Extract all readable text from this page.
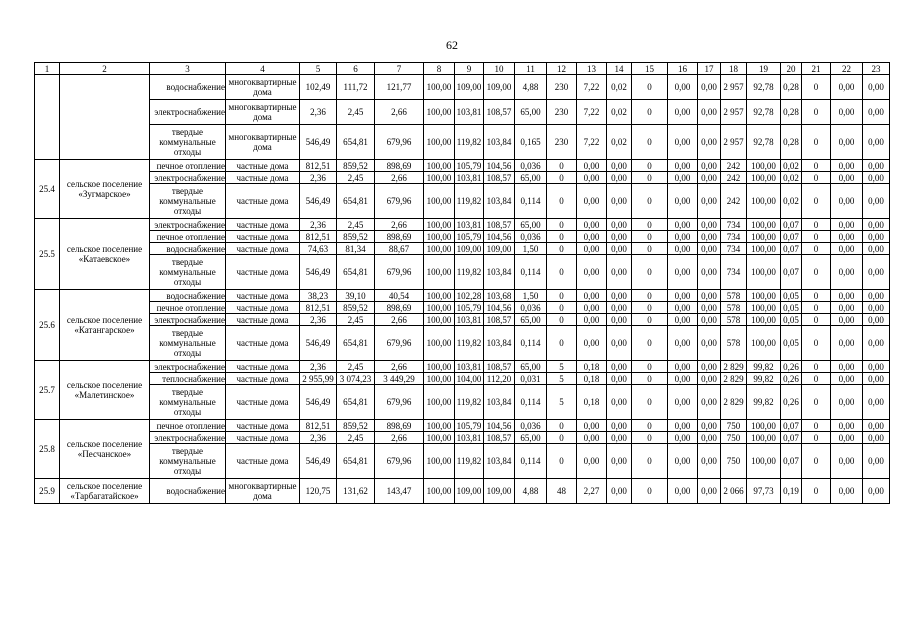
62
1	2	3	4	5	6	7	8	9	10	11	12	13	14	15	16	17	18	19	20	21	22	23
		водоснабжение	многоквартирные дома	102,49	111,72	121,77	100,00	109,00	109,00	4,88	230	7,22	0,02	0	0,00	0,00	2 957	92,78	0,28	0	0,00	0,00
		электроснабжение	многоквартирные дома	2,36	2,45	2,66	100,00	103,81	108,57	65,00	230	7,22	0,02	0	0,00	0,00	2 957	92,78	0,28	0	0,00	0,00
		твердые коммунальные отходы	многоквартирные дома	546,49	654,81	679,96	100,00	119,82	103,84	0,165	230	7,22	0,02	0	0,00	0,00	2 957	92,78	0,28	0	0,00	0,00
25.4	сельское поселение «Зугмарское»	печное отопление	частные дома	812,51	859,52	898,69	100,00	105,79	104,56	0,036	0	0,00	0,00	0	0,00	0,00	242	100,00	0,02	0	0,00	0,00
		электроснабжение	частные дома	2,36	2,45	2,66	100,00	103,81	108,57	65,00	0	0,00	0,00	0	0,00	0,00	242	100,00	0,02	0	0,00	0,00
		твердые коммунальные отходы	частные дома	546,49	654,81	679,96	100,00	119,82	103,84	0,114	0	0,00	0,00	0	0,00	0,00	242	100,00	0,02	0	0,00	0,00
25.5	сельское поселение «Катаевское»	электроснабжение	частные дома	2,36	2,45	2,66	100,00	103,81	108,57	65,00	0	0,00	0,00	0	0,00	0,00	734	100,00	0,07	0	0,00	0,00
		печное отопление	частные дома	812,51	859,52	898,69	100,00	105,79	104,56	0,036	0	0,00	0,00	0	0,00	0,00	734	100,00	0,07	0	0,00	0,00
		водоснабжение	частные дома	74,63	81,34	88,67	100,00	109,00	109,00	1,50	0	0,00	0,00	0	0,00	0,00	734	100,00	0,07	0	0,00	0,00
		твердые коммунальные отходы	частные дома	546,49	654,81	679,96	100,00	119,82	103,84	0,114	0	0,00	0,00	0	0,00	0,00	734	100,00	0,07	0	0,00	0,00
25.6	сельское поселение «Катангарское»	водоснабжение	частные дома	38,23	39,10	40,54	100,00	102,28	103,68	1,50	0	0,00	0,00	0	0,00	0,00	578	100,00	0,05	0	0,00	0,00
		печное отопление	частные дома	812,51	859,52	898,69	100,00	105,79	104,56	0,036	0	0,00	0,00	0	0,00	0,00	578	100,00	0,05	0	0,00	0,00
		электроснабжение	частные дома	2,36	2,45	2,66	100,00	103,81	108,57	65,00	0	0,00	0,00	0	0,00	0,00	578	100,00	0,05	0	0,00	0,00
		твердые коммунальные отходы	частные дома	546,49	654,81	679,96	100,00	119,82	103,84	0,114	0	0,00	0,00	0	0,00	0,00	578	100,00	0,05	0	0,00	0,00
25.7	сельское поселение «Малетинское»	электроснабжение	частные дома	2,36	2,45	2,66	100,00	103,81	108,57	65,00	5	0,18	0,00	0	0,00	0,00	2 829	99,82	0,26	0	0,00	0,00
		теплоснабжение	частные дома	2 955,99	3 074,23	3 449,29	100,00	104,00	112,20	0,031	5	0,18	0,00	0	0,00	0,00	2 829	99,82	0,26	0	0,00	0,00
		твердые коммунальные отходы	частные дома	546,49	654,81	679,96	100,00	119,82	103,84	0,114	5	0,18	0,00	0	0,00	0,00	2 829	99,82	0,26	0	0,00	0,00
25.8	сельское поселение «Песчанское»	печное отопление	частные дома	812,51	859,52	898,69	100,00	105,79	104,56	0,036	0	0,00	0,00	0	0,00	0,00	750	100,00	0,07	0	0,00	0,00
		электроснабжение	частные дома	2,36	2,45	2,66	100,00	103,81	108,57	65,00	0	0,00	0,00	0	0,00	0,00	750	100,00	0,07	0	0,00	0,00
		твердые коммунальные отходы	частные дома	546,49	654,81	679,96	100,00	119,82	103,84	0,114	0	0,00	0,00	0	0,00	0,00	750	100,00	0,07	0	0,00	0,00
25.9	сельское поселение «Тарбагатайское»	водоснабжение	многоквартирные дома	120,75	131,62	143,47	100,00	109,00	109,00	4,88	48	2,27	0,00	0	0,00	0,00	2 066	97,73	0,19	0	0,00	0,00
